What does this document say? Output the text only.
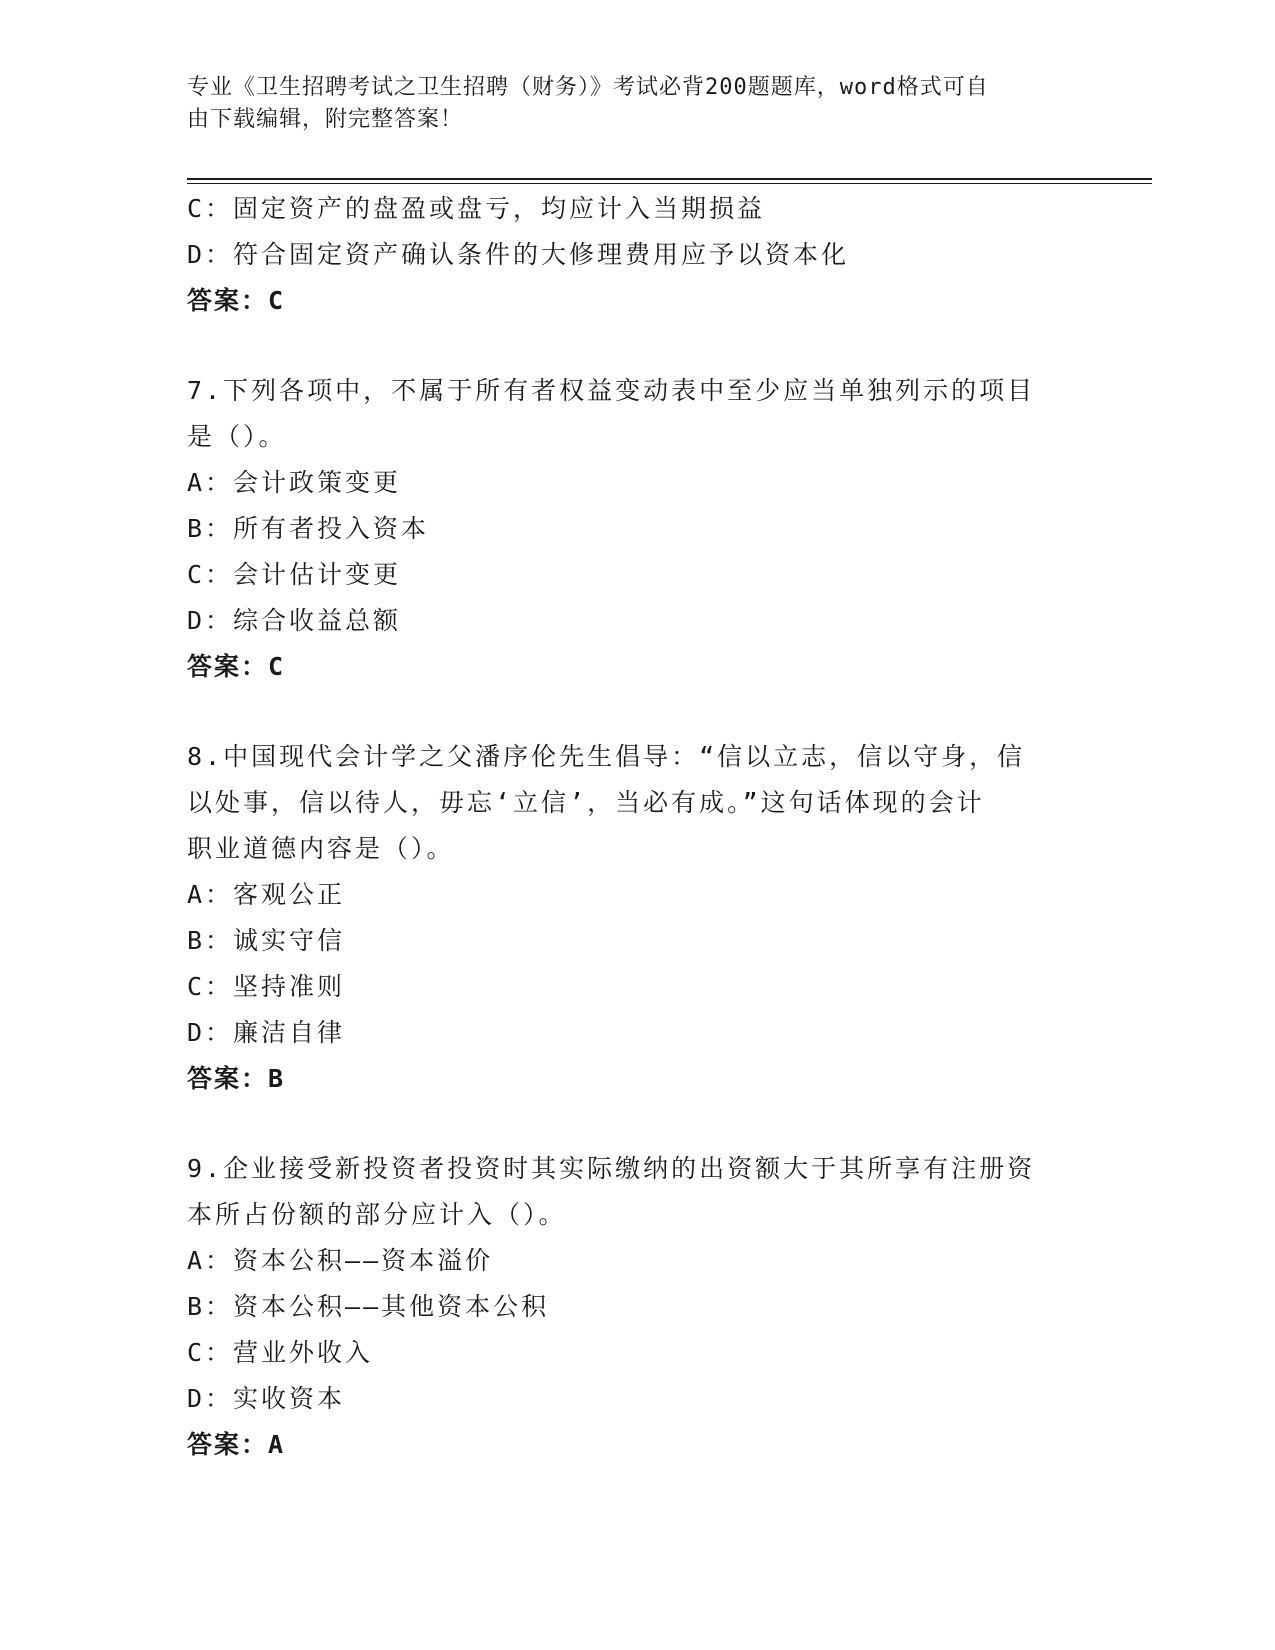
专业《卫生招聘考试之卫生招聘（财务）》考试必背200题题库，word格式可自
由下载编辑，附完整答案！
C：固定资产的盘盈或盘亏，均应计入当期损益
D：符合固定资产确认条件的大修理费用应予以资本化
答案：C
7.下列各项中，不属于所有者权益变动表中至少应当单独列示的项目
是（）。
A：会计政策变更
B：所有者投入资本
C：会计估计变更
D：综合收益总额
答案：C
8.中国现代会计学之父潘序伦先生倡导：“信以立志，信以守身，信
以处事，信以待人，毋忘‘立信’，当必有成。”这句话体现的会计
职业道德内容是（）。
A：客观公正
B：诚实守信
C：坚持准则
D：廉洁自律
答案：B
9.企业接受新投资者投资时其实际缴纳的出资额大于其所享有注册资
本所占份额的部分应计入（）。
A：资本公积——资本溢价
B：资本公积——其他资本公积
C：营业外收入
D：实收资本
答案：A
